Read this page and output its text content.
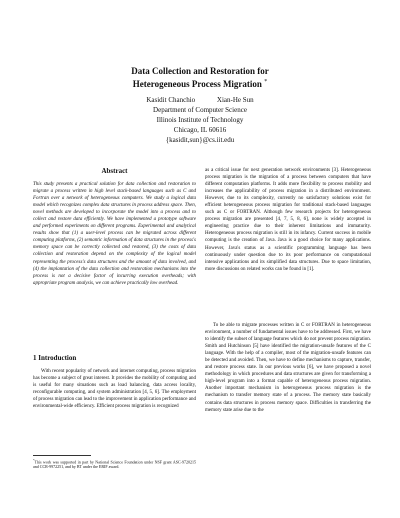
Data Collection and Restoration for
Heterogeneous Process Migration *
Kasidit Chanchio	Xian-He Sun
Department of Computer Science
Illinois Institute of Technology
Chicago, IL 60616
{kasidit,sun}@cs.iit.edu
Abstract
This study presents a practical solution for data collection and restoration to migrate a process written in high level stack-based languages such as C and Fortran over a network of heterogeneous computers. We study a logical data model which recognizes complex data structures in process address space. Then, novel methods are developed to incorporate the model into a process and to collect and restore data efficiently. We have implemented a prototype software and performed experiments on different programs. Experimental and analytical results show that (1) a user-level process can be migrated across different computing platforms, (2) semantic information of data structures in the process's memory space can be correctly collected and restored, (3) the costs of data collection and restoration depend on the complexity of the logical model representing the process's data structures and the amount of data involved, and (4) the implantation of the data collection and restoration mechanisms into the process is not a decisive factor of incurring execution overheads; with appropriate program analysis, we can achieve practically low overhead.
1 Introduction
With recent popularity of network and internet computing, process migration has become a subject of great interest. It provides the mobility of computing and is useful for many situations such as load balancing, data access locality, reconfigurable computing, and system administration [4, 5, 6]. The employment of process migration can lead to the improvement in application performance and environmental-wide efficiency. Efficient process migration is recognized
*This work was supported in part by National Science Foundation under NSF grant ASC-9720215 and CCR-9972251, and by BT under the ERIF award.
as a critical issue for next generation network environments [3]. Heterogeneous process migration is the migration of a process between computers that have different computation platforms. It adds more flexibility to process mobility and increases the applicability of process migration in a distributed environment. However, due to its complexity, currently no satisfactory solutions exist for efficient heterogeneous process migration for traditional stack-based languages such as C or FORTRAN. Although few research projects for heterogeneous process migration are presented [4, 7, 5, 8, 6], none is widely accepted in engineering practice due to their inherent limitations and immaturity. Heterogeneous process migration is still in its infancy. Current success in mobile computing is the creation of Java. Java is a good choice for many applications. However, Java's status as a scientific programming language has been continuously under question due to its poor performance on computational intensive applications and its simplified data structures. Due to space limitation, more discussions on related works can be found in [1].
To be able to migrate processes written in C or FORTRAN in heterogeneous environment, a number of fundamental issues have to be addressed. First, we have to identify the subset of language features which do not prevent process migration. Smith and Hutchinson [5] have identified the migration-unsafe features of the C language. With the help of a compiler, most of the migration-unsafe features can be detected and avoided. Then, we have to define mechanisms to capture, transfer, and restore process state. In our previous works [6], we have proposed a novel methodology in which procedures and data structures are given for transforming a high-level program into a format capable of heterogeneous process migration. Another important mechanism in heterogeneous process migration is the mechanism to transfer memory state of a process. The memory state basically contains data structures in process memory space. Difficulties in transferring the memory state arise due to the
